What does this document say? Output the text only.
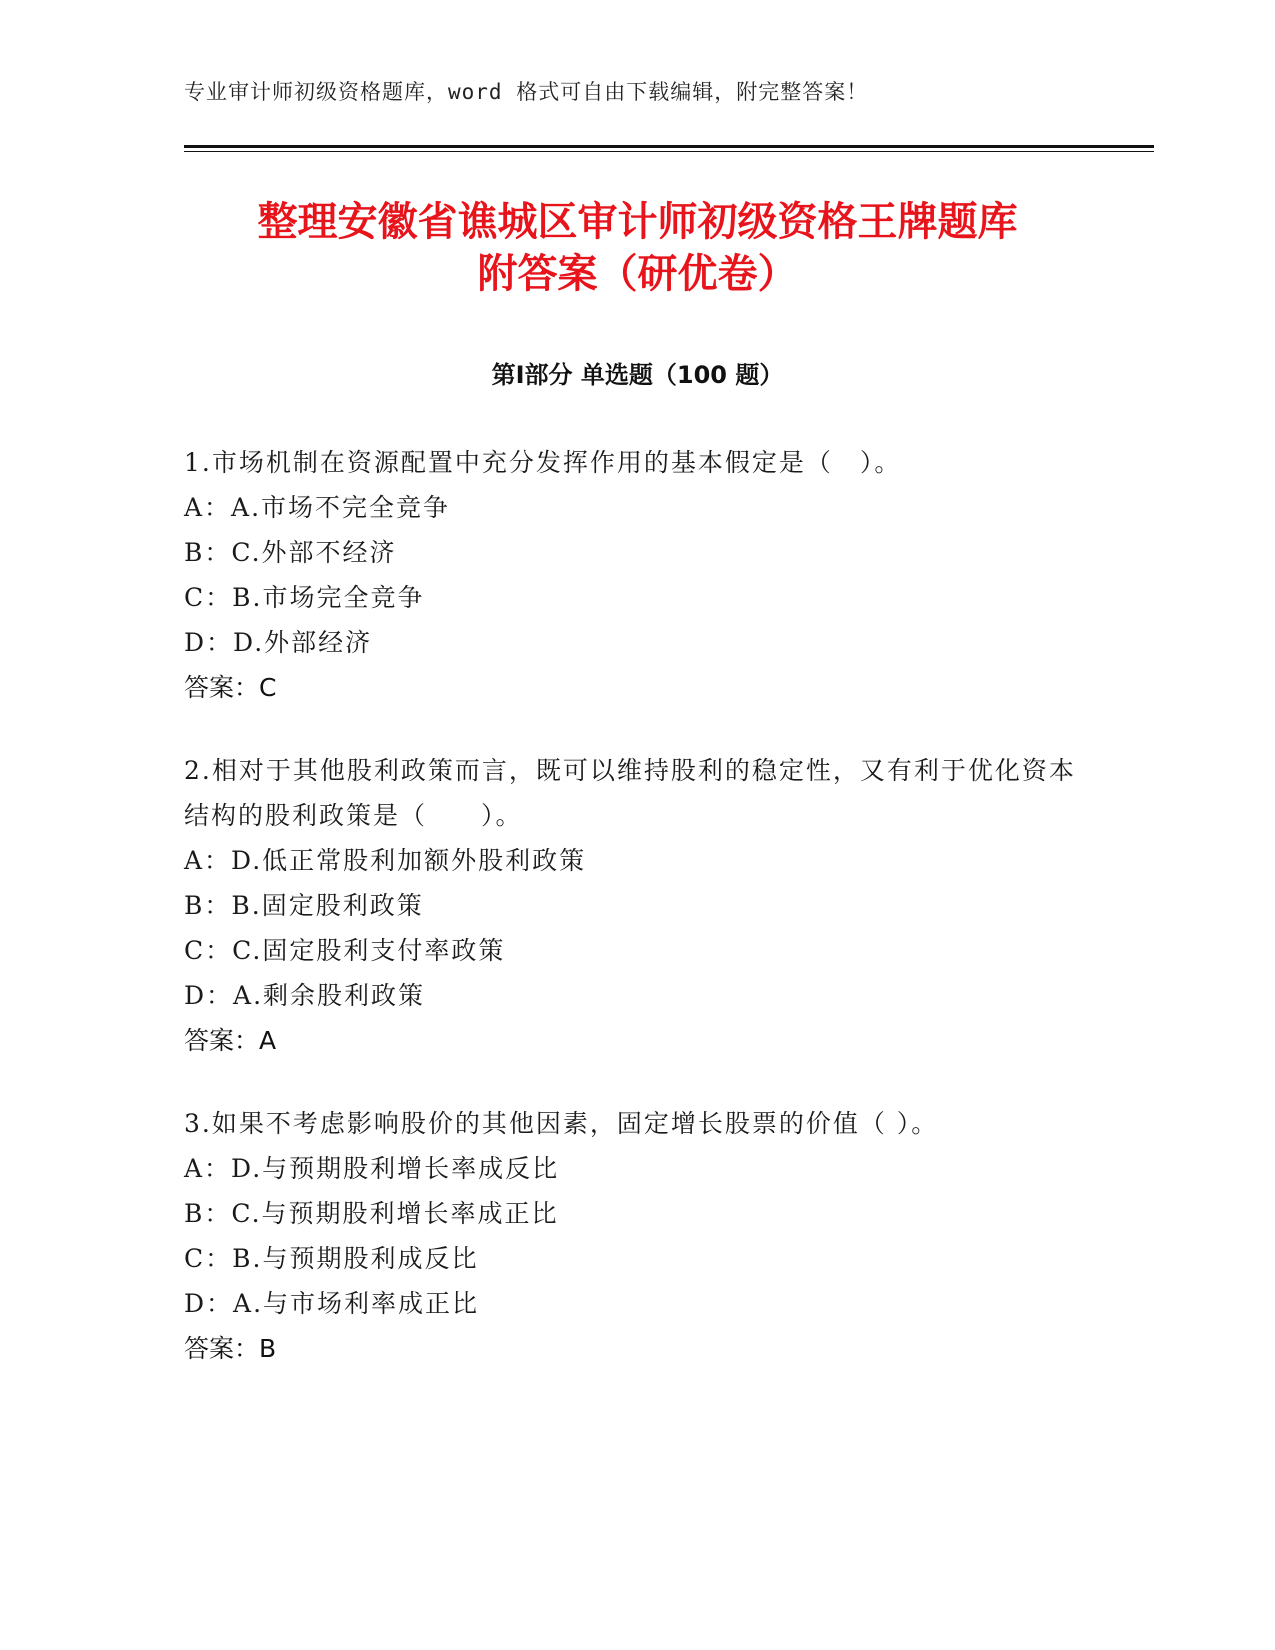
专业审计师初级资格题库，word 格式可自由下载编辑，附完整答案！
整理安徽省谯城区审计师初级资格王牌题库
附答案（研优卷）
第Ⅰ部分 单选题（100 题）

1.市场机制在资源配置中充分发挥作用的基本假定是（　）。

A：A.市场不完全竞争
B：C.外部不经济
C：B.市场完全竞争
D：D.外部经济
答案：C

2.相对于其他股利政策而言，既可以维持股利的稳定性，又有利于优化资本结构的股利政策是（　　）。

A：D.低正常股利加额外股利政策
B：B.固定股利政策
C：C.固定股利支付率政策
D：A.剩余股利政策
答案：A

3.如果不考虑影响股价的其他因素，固定增长股票的价值（ ）。

A：D.与预期股利增长率成反比
B：C.与预期股利增长率成正比
C：B.与预期股利成反比
D：A.与市场利率成正比
答案：B
